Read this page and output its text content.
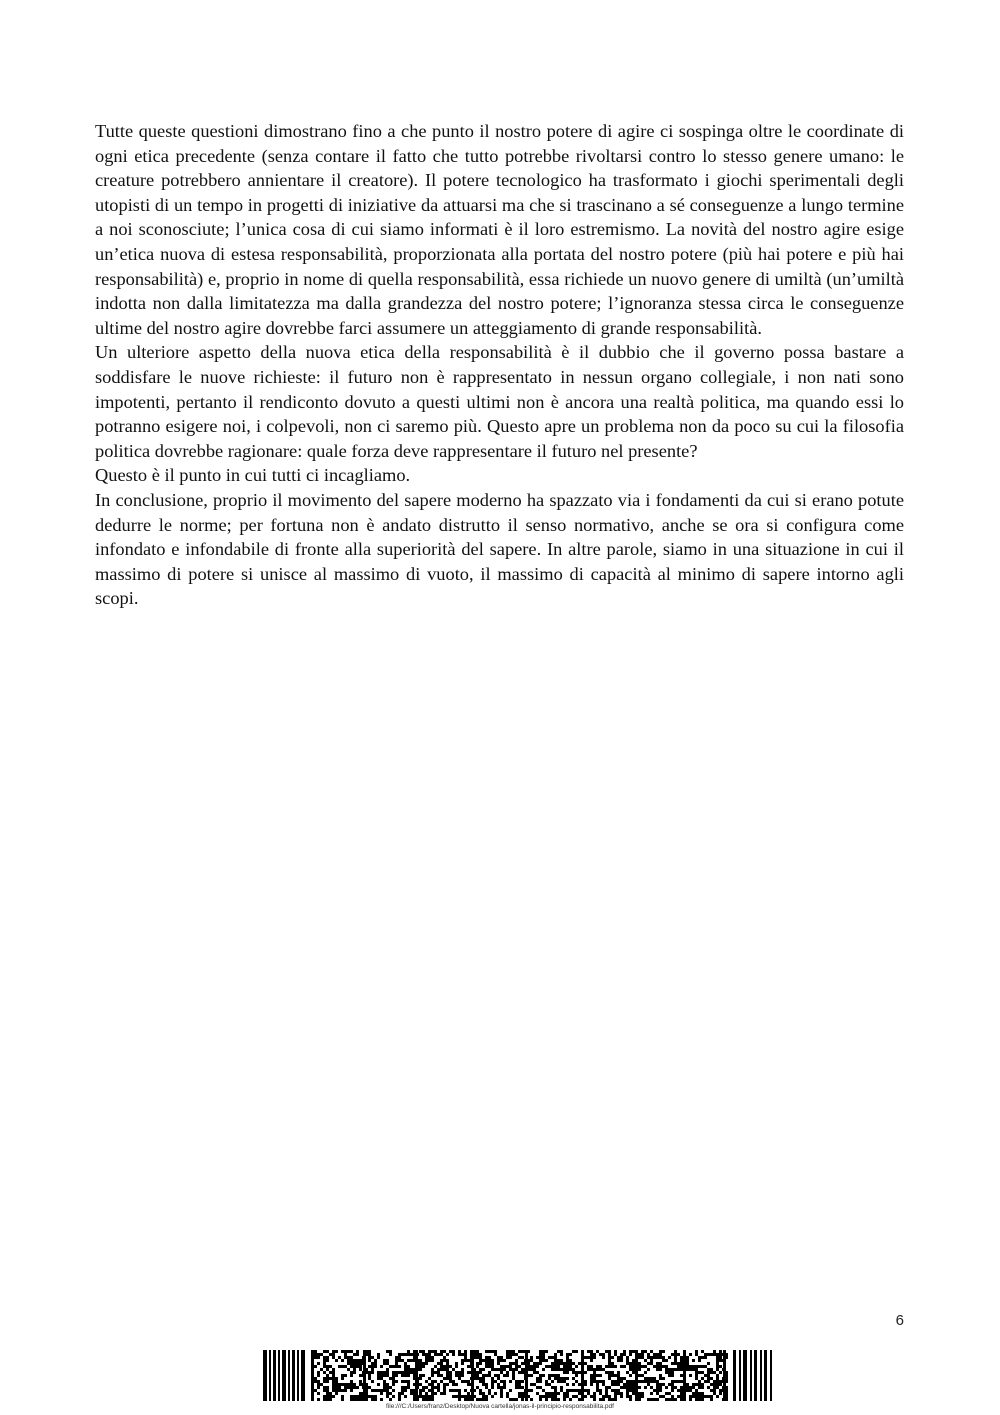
Tutte queste questioni dimostrano fino a che punto il nostro potere di agire ci sospinga oltre le coordinate di ogni etica precedente (senza contare il fatto che tutto potrebbe rivoltarsi contro lo stesso genere umano: le creature potrebbero annientare il creatore). Il potere tecnologico ha trasformato i giochi sperimentali degli utopisti di un tempo in progetti di iniziative da attuarsi ma che si trascinano a sé conseguenze a lungo termine a noi sconosciute; l’unica cosa di cui siamo informati è il loro estremismo. La novità del nostro agire esige un’etica nuova di estesa responsabilità, proporzionata alla portata del nostro potere (più hai potere e più hai responsabilità) e, proprio in nome di quella responsabilità, essa richiede un nuovo genere di umiltà (un’umiltà indotta non dalla limitatezza ma dalla grandezza del nostro potere; l’ignoranza stessa circa le conseguenze ultime del nostro agire dovrebbe farci assumere un atteggiamento di grande responsabilità.

Un ulteriore aspetto della nuova etica della responsabilità è il dubbio che il governo possa bastare a soddisfare le nuove richieste: il futuro non è rappresentato in nessun organo collegiale, i non nati sono impotenti, pertanto il rendiconto dovuto a questi ultimi non è ancora una realtà politica, ma quando essi lo potranno esigere noi, i colpevoli, non ci saremo più. Questo apre un problema non da poco su cui la filosofia politica dovrebbe ragionare: quale forza deve rappresentare il futuro nel presente?

Questo è il punto in cui tutti ci incagliamo.

In conclusione, proprio il movimento del sapere moderno ha spazzato via i fondamenti da cui si erano potute dedurre le norme; per fortuna non è andato distrutto il senso normativo, anche se ora si configura come infondato e infondabile di fronte alla superiorità del sapere. In altre parole, siamo in una situazione in cui il massimo di potere si unisce al massimo di vuoto, il massimo di capacità al minimo di sapere intorno agli scopi.

6
file:///C:/Users/franz/Desktop/Nuova cartella/jonas-il-principio-responsabilita.pdf
